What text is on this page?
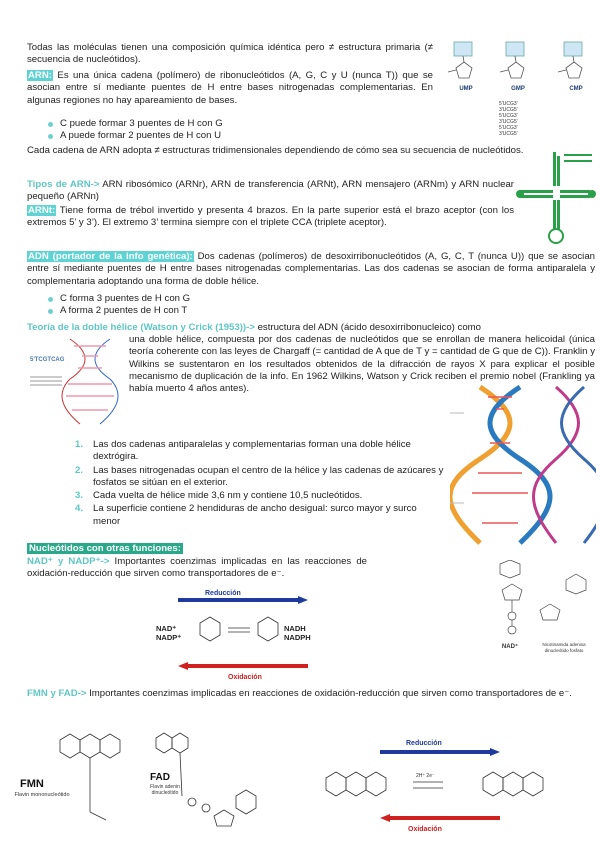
Todas las moléculas tienen una composición química idéntica pero ≠ estructura primaria (≠ secuencia de nucleótidos).

ARN: Es una única cadena (polímero) de ribonucleótidos (A, G, C y U (nunca T)) que se asocian entre sí mediante puentes de H entre bases nitrogenadas complementarias. En algunas regiones no hay apareamiento de bases.

C puede formar 3 puentes de H con G
A puede formar 2 puentes de H con U

Cada cadena de ARN adopta ≠ estructuras tridimensionales dependiendo de cómo sea su secuencia de nucleótidos.

Tipos de ARN-> ARN ribosómico (ARNr), ARN de transferencia (ARNt), ARN mensajero (ARNm) y ARN nuclear pequeño (ARNn)

ARNt: Tiene forma de trébol invertido y presenta 4 brazos. En la parte superior está el brazo aceptor (con los extremos 5’ y 3’). El extremo 3’ termina siempre con el triplete CCA (triplete aceptor).

ADN (portador de la info genética): Dos cadenas (polímeros) de desoxirribonucleótidos (A, G, C, T (nunca U)) que se asocian entre sí mediante puentes de H entre bases nitrogenadas complementarias. Las dos cadenas se asocian de forma antiparalela y complementaria adoptando una forma de doble hélice.

C forma 3 puentes de H con G
A forma 2 puentes de H con T

Teoría de la doble hélice (Watson y Crick (1953))-> estructura del ADN (ácido desoxirribonucleico) como

una doble hélice, compuesta por dos cadenas de nucleótidos que se enrollan de manera helicoidal (única teoría coherente con las leyes de Chargaff (= cantidad de A que de T y = cantidad de G que de C)). Franklin y Wilkins se sustentaron en los resultados obtenidos de la difracción de rayos X para explicar el posible mecanismo de duplicación de la info. En 1962 Wilkins, Watson y Crick reciben el premio nobel (Frankling ya había muerto 4 años antes).

1. Las dos cadenas antiparalelas y complementarias forman una doble hélice dextrógira.
2. Las bases nitrogenadas ocupan el centro de la hélice y las cadenas de azúcares y fosfatos se sitúan en el exterior.
3. Cada vuelta de hélice mide 3,6 nm y contiene 10,5 nucleótidos.
4. La superficie contiene 2 hendiduras de ancho desigual: surco mayor y surco menor

Nucleótidos con otras funciones:

NAD⁺ y NADP⁺-> Importantes coenzimas implicadas en las reacciones de oxidación-reducción que sirven como transportadores de e⁻.

FMN y FAD-> Importantes coenzimas implicadas en reacciones de oxidación-reducción que sirven como transportadores de e⁻.

UMP	GMP	CMP
5'UCG3'
3'UCG5'
5'UCG3'
3'UCG5'
5'UCG3'
3'UCG5'
5'TCGTCAG
Reducción
NAD⁺
NADP⁺
NADH
NADPH
Oxidación
NAD⁺	Nicotinamida adenina dinucleótido fosfato
FMN
Flavin mononucleótido
FAD
Flavin adenin dinucleótido
Reducción
2H⁺ 2e⁻
Oxidación
